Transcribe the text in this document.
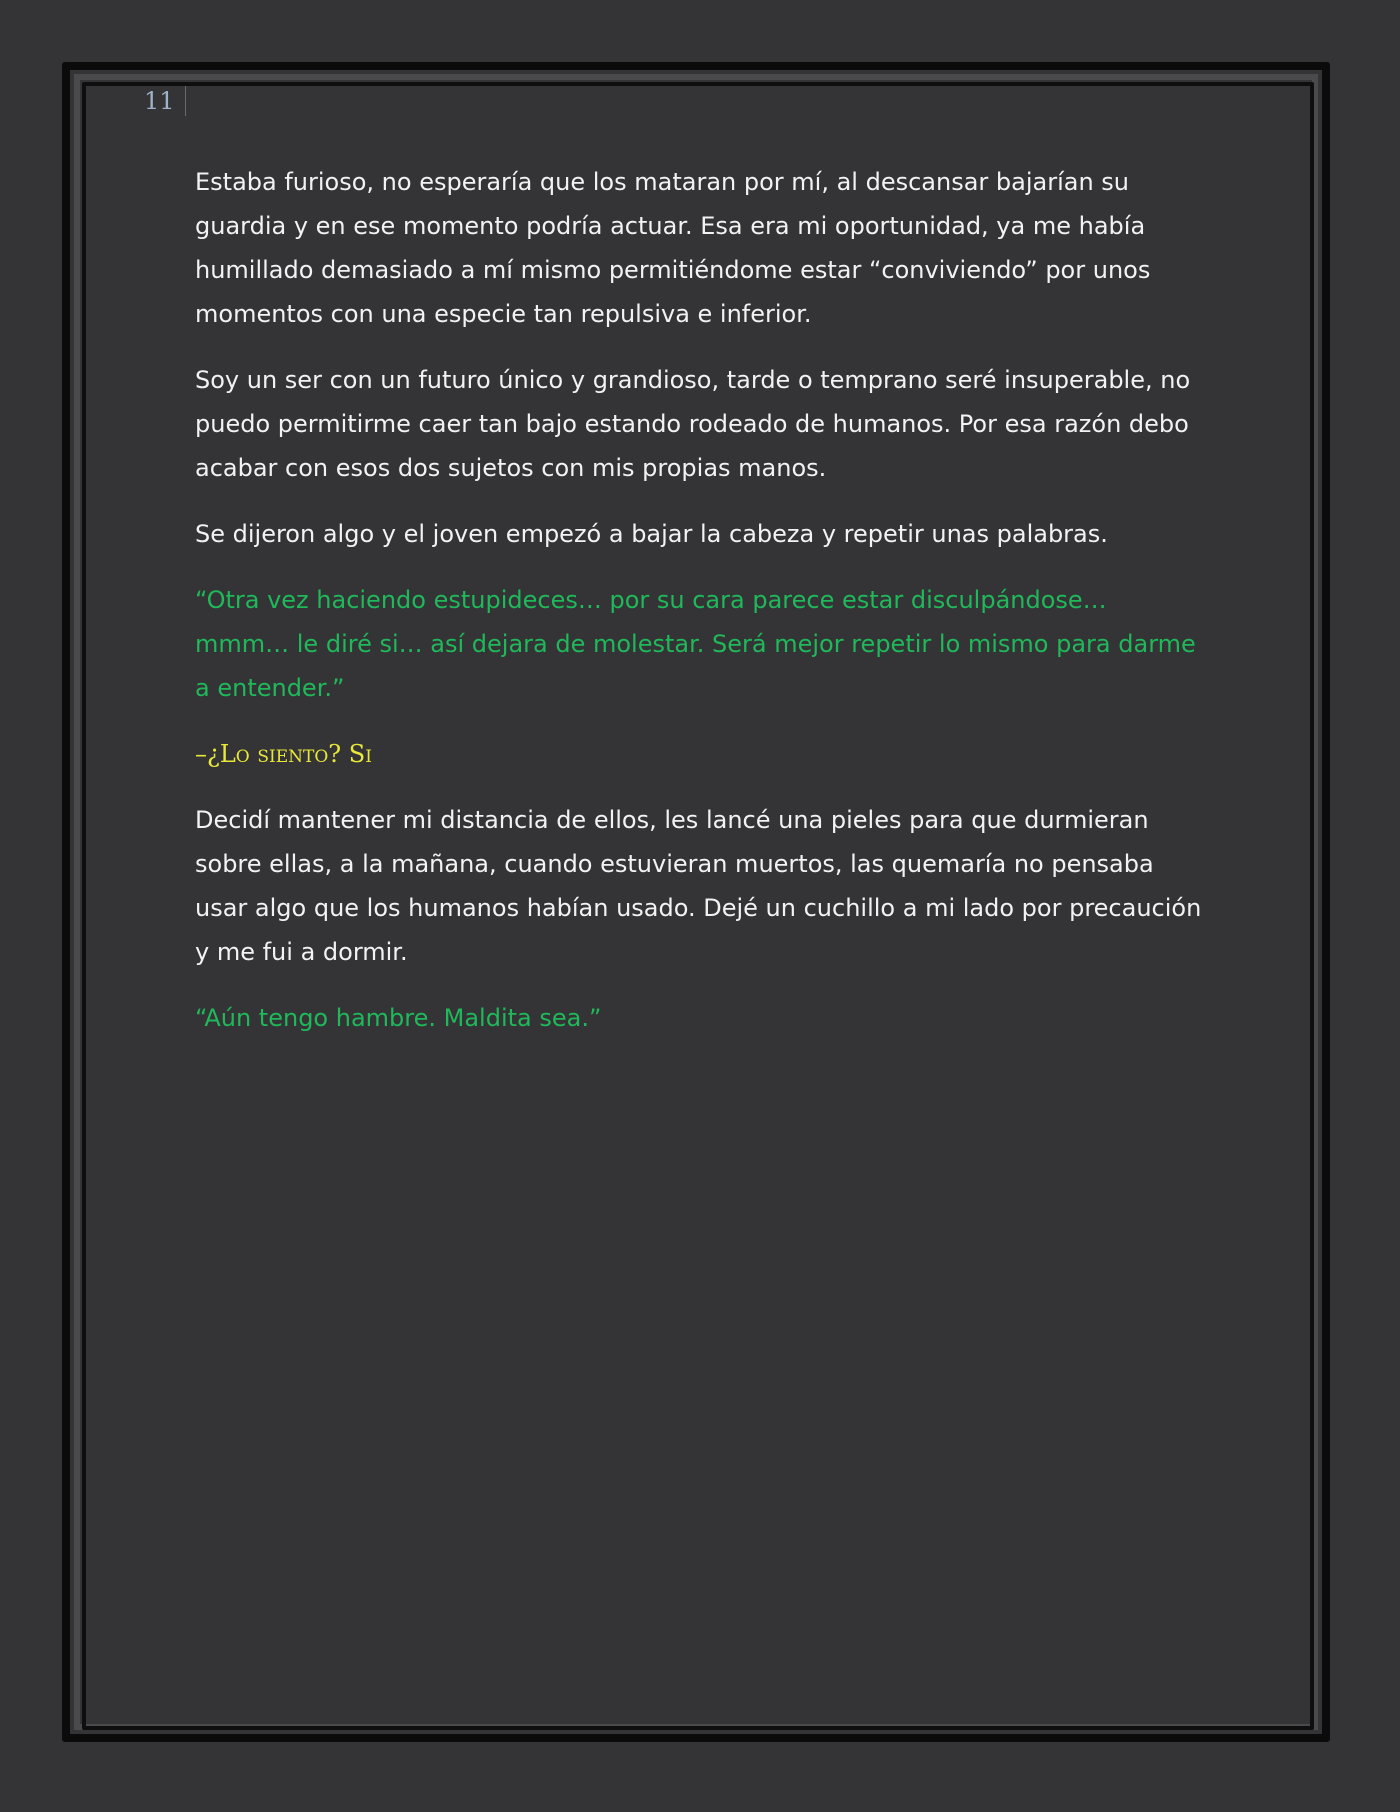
11

Estaba furioso, no esperaría que los mataran por mí, al descansar bajarían su guardia y en ese momento podría actuar. Esa era mi oportunidad, ya me había humillado demasiado a mí mismo permitiéndome estar “conviviendo” por unos momentos con una especie tan repulsiva e inferior.

Soy un ser con un futuro único y grandioso, tarde o temprano seré insuperable, no puedo permitirme caer tan bajo estando rodeado de humanos. Por esa razón debo acabar con esos dos sujetos con mis propias manos.

Se dijeron algo y el joven empezó a bajar la cabeza y repetir unas palabras.

“Otra vez haciendo estupideces… por su cara parece estar disculpándose… mmm… le diré si… así dejara de molestar. Será mejor repetir lo mismo para darme a entender.”

–¿Lo siento? Si

Decidí mantener mi distancia de ellos, les lancé una pieles para que durmieran sobre ellas, a la mañana, cuando estuvieran muertos, las quemaría no pensaba usar algo que los humanos habían usado. Dejé un cuchillo a mi lado por precaución y me fui a dormir.

“Aún tengo hambre. Maldita sea.”
